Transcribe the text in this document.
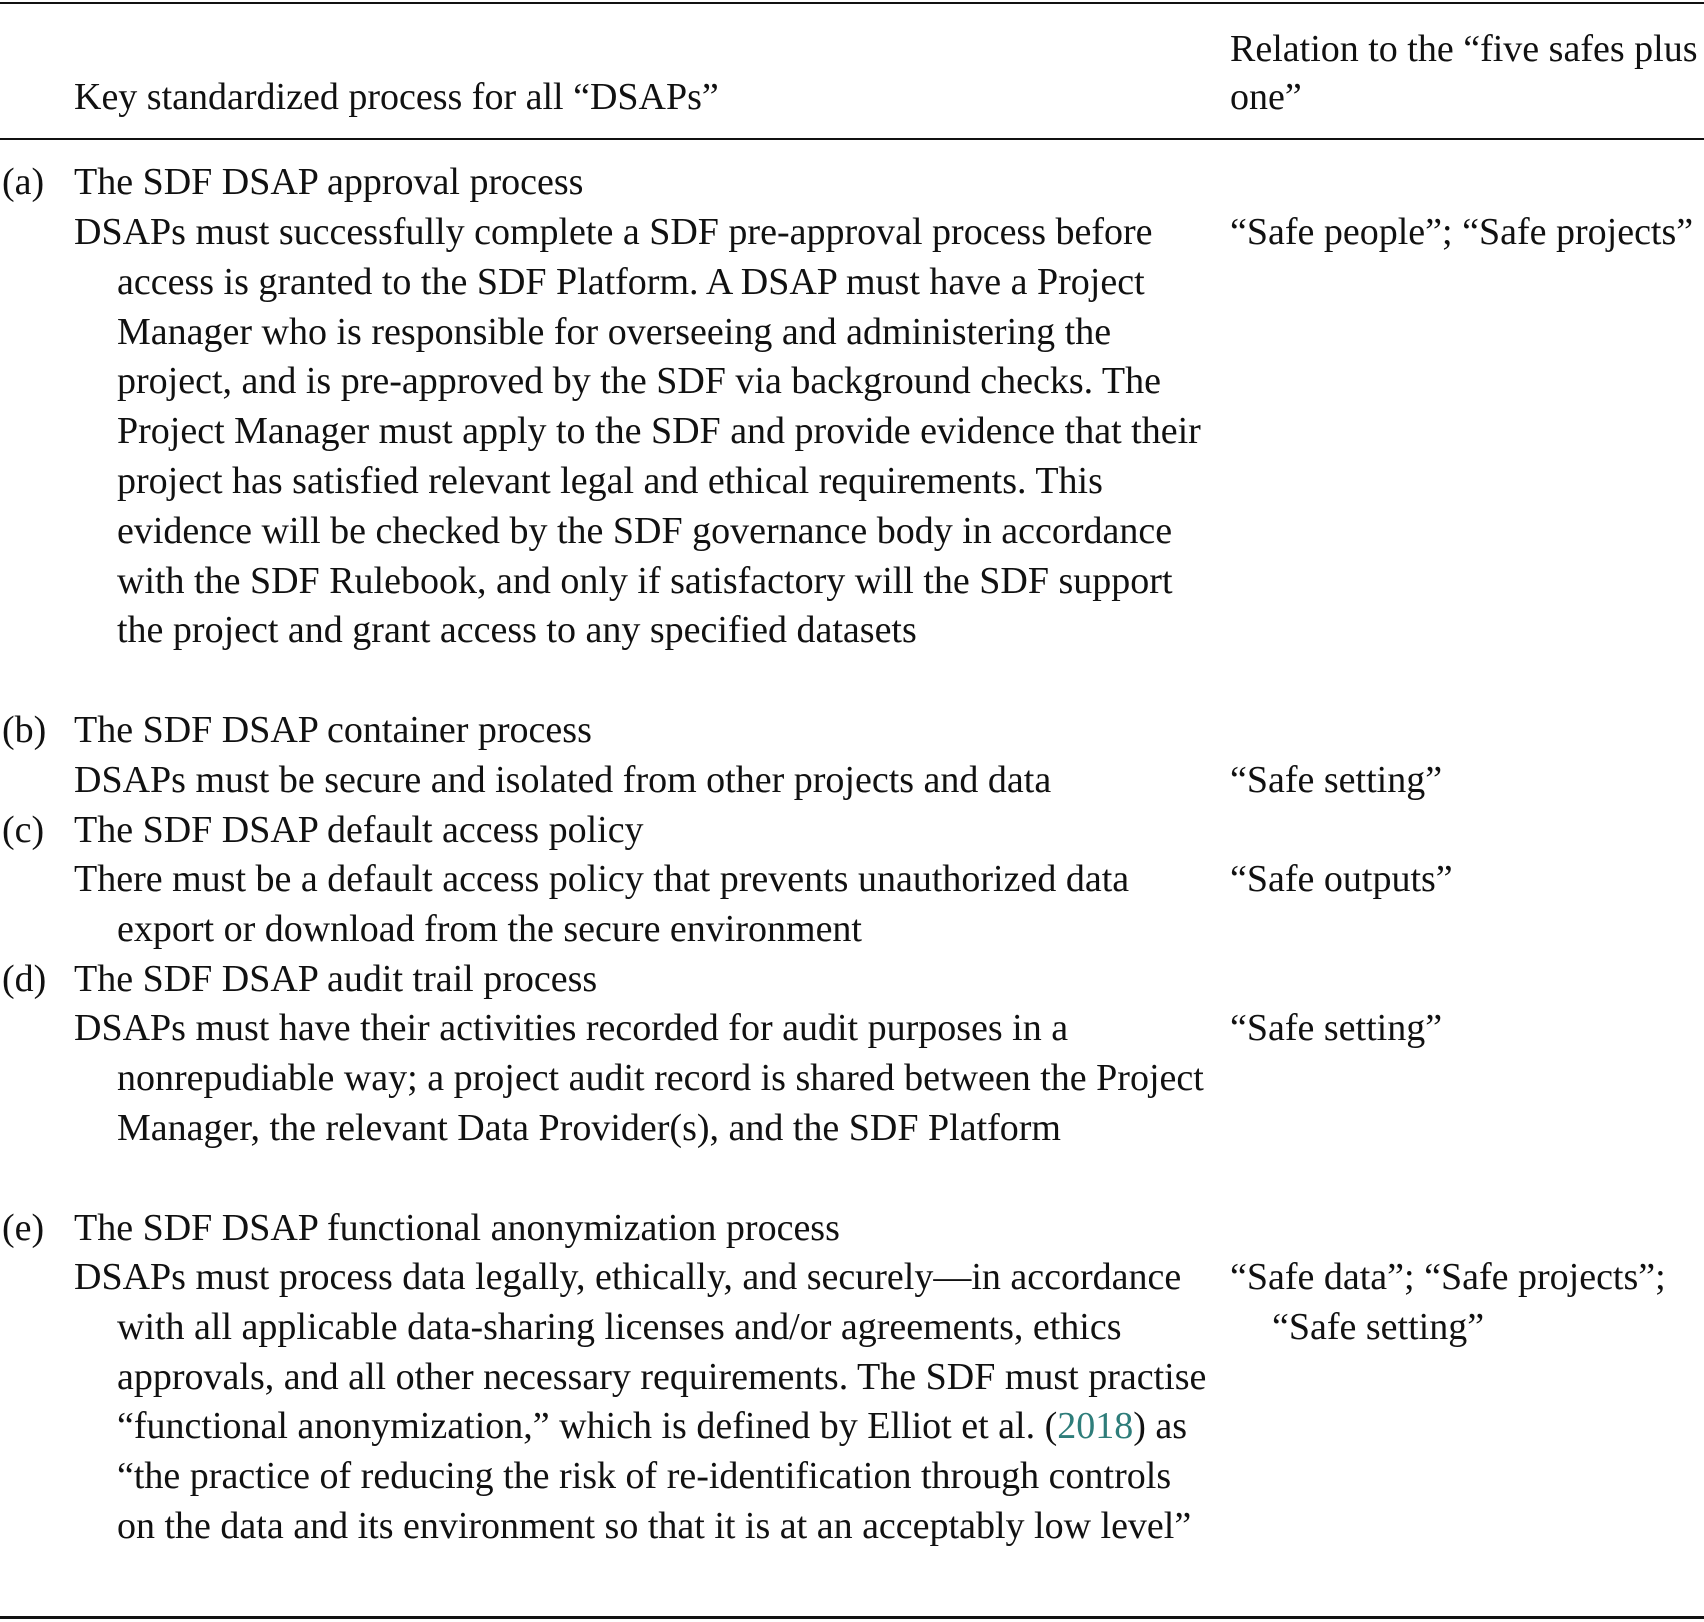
Key standardized process for all “DSAPs”
Relation to the “five safes plus one”
(a) The SDF DSAP approval process
DSAPs must successfully complete a SDF pre-approval process before access is granted to the SDF Platform. A DSAP must have a Project Manager who is responsible for overseeing and administering the project, and is pre-approved by the SDF via background checks. The Project Manager must apply to the SDF and provide evidence that their project has satisfied relevant legal and ethical requirements. This evidence will be checked by the SDF governance body in accordance with the SDF Rulebook, and only if satisfactory will the SDF support the project and grant access to any specified datasets
“Safe people”; “Safe projects”
(b) The SDF DSAP container process
DSAPs must be secure and isolated from other projects and data	“Safe setting”
(c) The SDF DSAP default access policy
There must be a default access policy that prevents unauthorized data export or download from the secure environment
“Safe outputs”
(d) The SDF DSAP audit trail process
DSAPs must have their activities recorded for audit purposes in a nonrepudiable way; a project audit record is shared between the Project Manager, the relevant Data Provider(s), and the SDF Platform
“Safe setting”
(e) The SDF DSAP functional anonymization process
DSAPs must process data legally, ethically, and securely—in accordance with all applicable data-sharing licenses and/or agreements, ethics approvals, and all other necessary requirements. The SDF must practise “functional anonymization,” which is defined by Elliot et al. (2018) as “the practice of reducing the risk of re-identification through controls on the data and its environment so that it is at an acceptably low level”
“Safe data”; “Safe projects”; “Safe setting”
